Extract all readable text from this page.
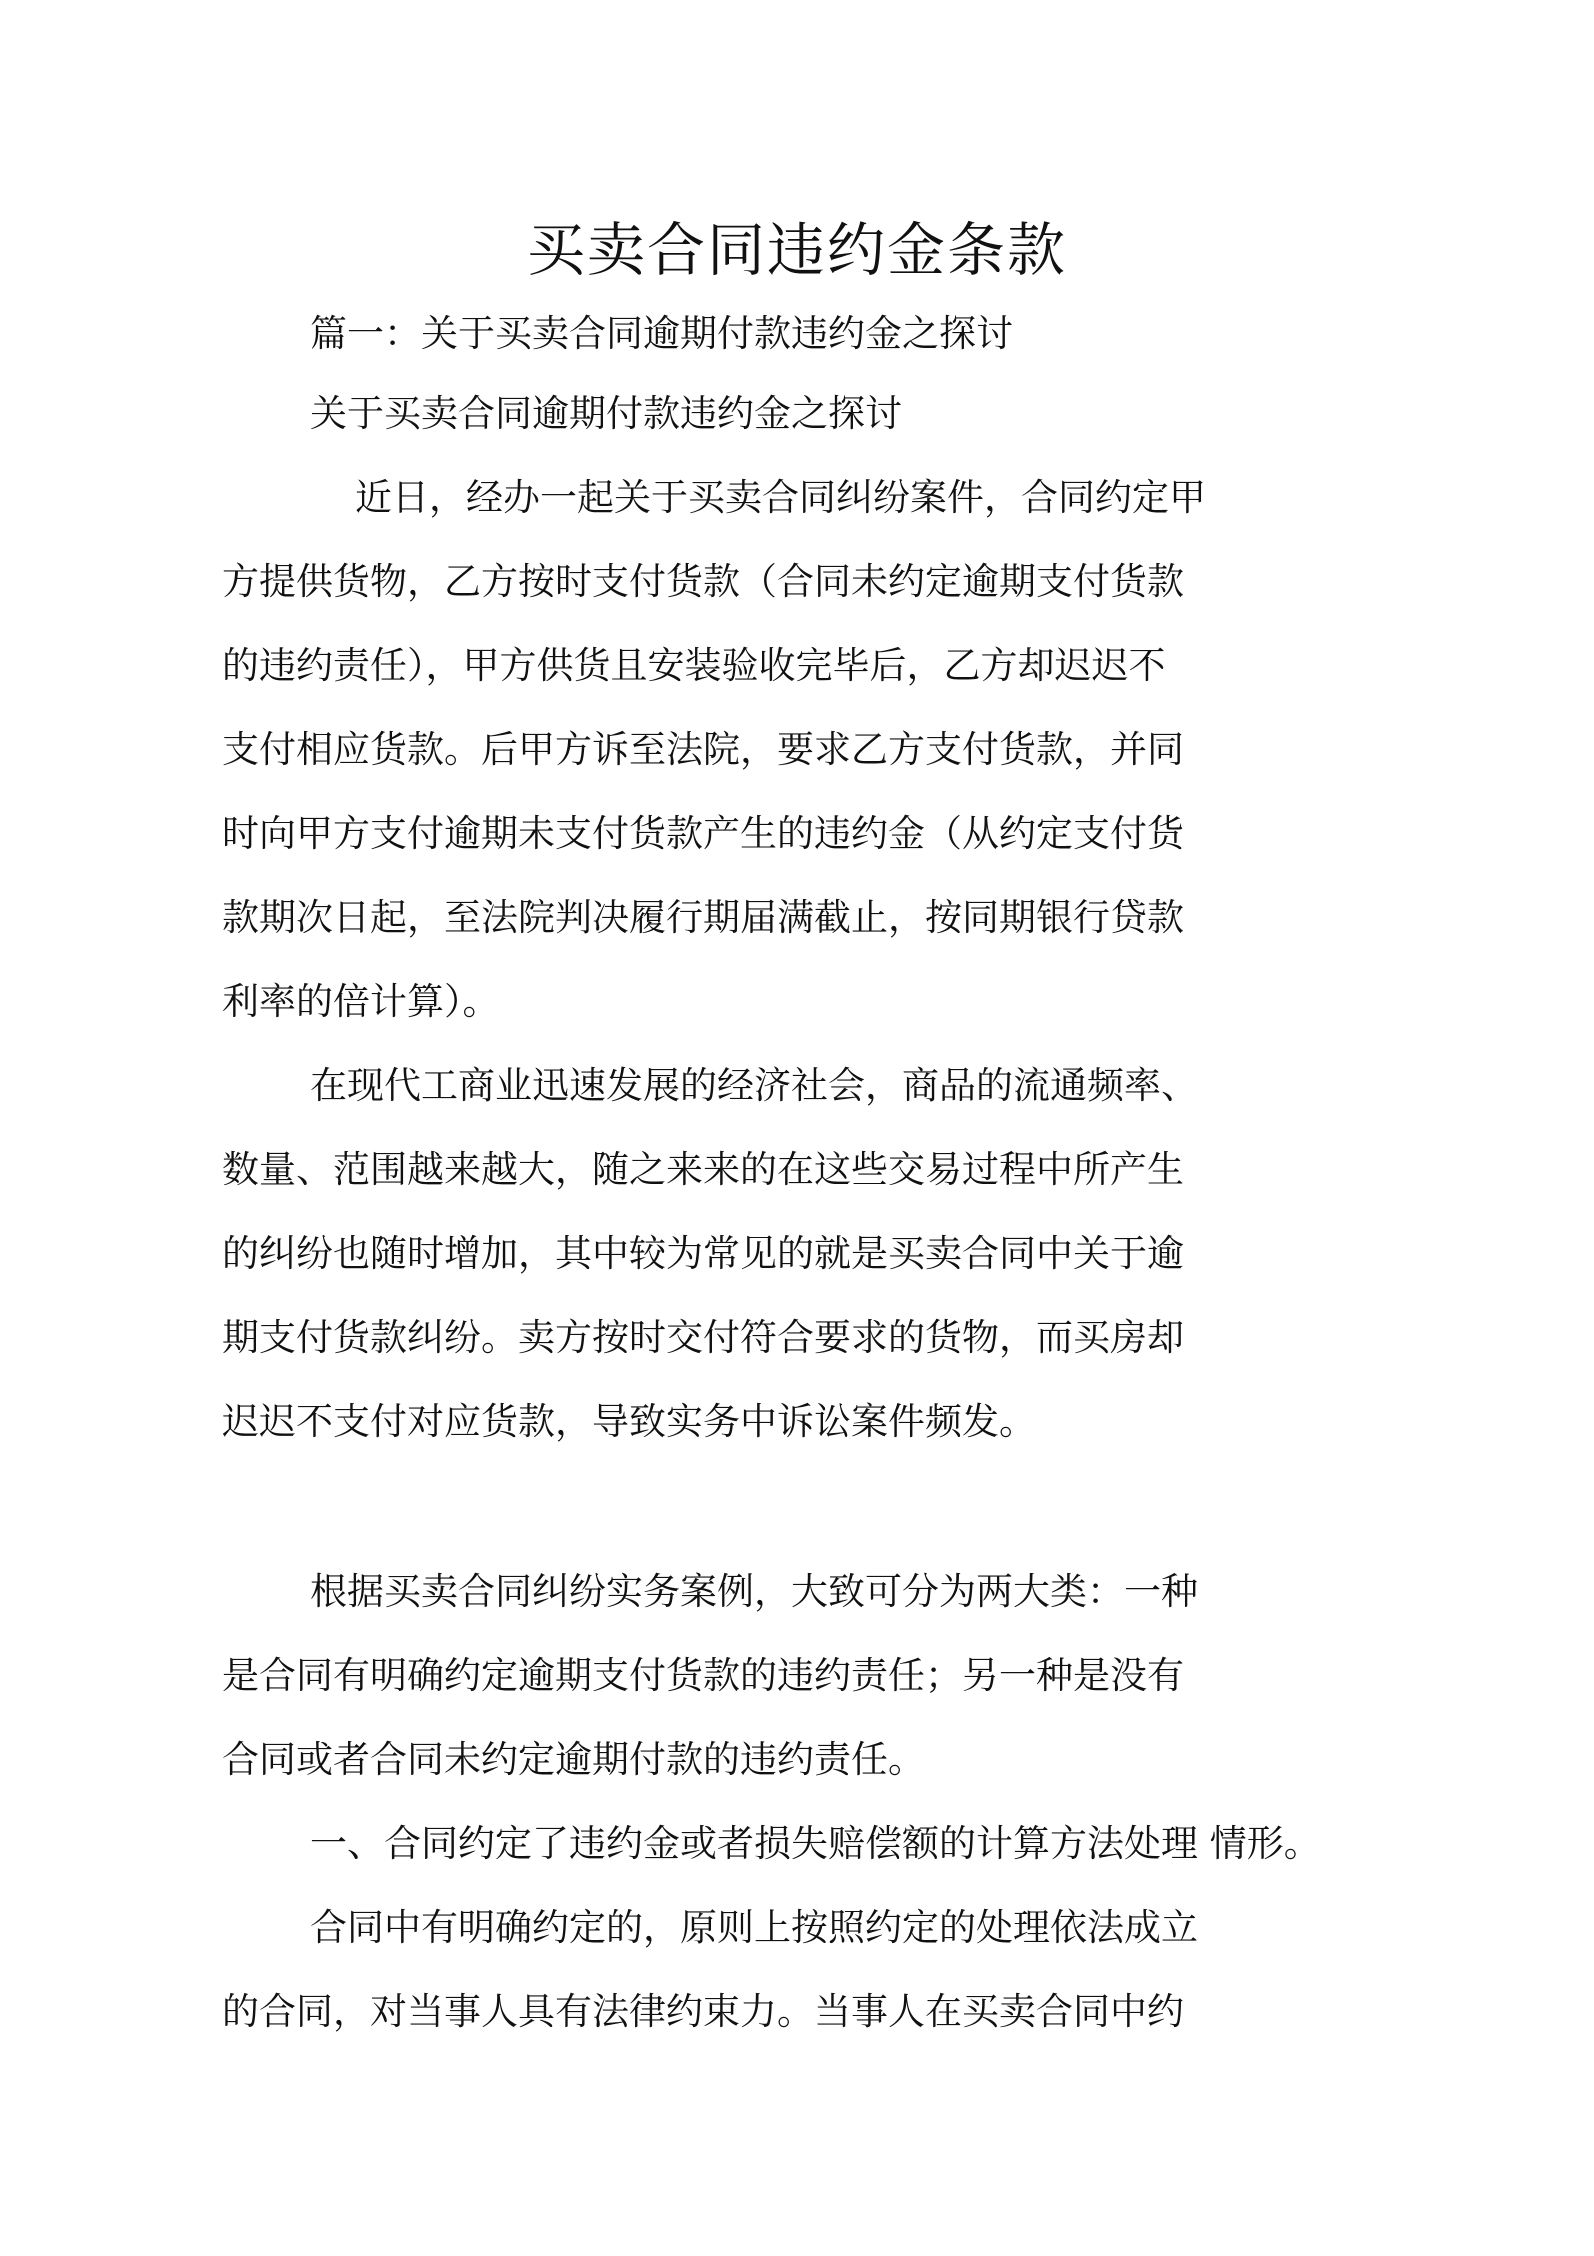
买卖合同违约金条款
篇一：关于买卖合同逾期付款违约金之探讨
关于买卖合同逾期付款违约金之探讨
近日，经办一起关于买卖合同纠纷案件，合同约定甲
方提供货物，乙方按时支付货款（合同未约定逾期支付货款
的违约责任），甲方供货且安装验收完毕后，乙方却迟迟不
支付相应货款。后甲方诉至法院，要求乙方支付货款，并同
时向甲方支付逾期未支付货款产生的违约金（从约定支付货
款期次日起，至法院判决履行期届满截止，按同期银行贷款
利率的倍计算）。
在现代工商业迅速发展的经济社会，商品的流通频率、
数量、范围越来越大，随之来来的在这些交易过程中所产生
的纠纷也随时增加，其中较为常见的就是买卖合同中关于逾
期支付货款纠纷。卖方按时交付符合要求的货物，而买房却
迟迟不支付对应货款，导致实务中诉讼案件频发。
根据买卖合同纠纷实务案例，大致可分为两大类：一种
是合同有明确约定逾期支付货款的违约责任；另一种是没有
合同或者合同未约定逾期付款的违约责任。
一、合同约定了违约金或者损失赔偿额的计算方法处理 情形。
合同中有明确约定的，原则上按照约定的处理依法成立
的合同，对当事人具有法律约束力。当事人在买卖合同中约
